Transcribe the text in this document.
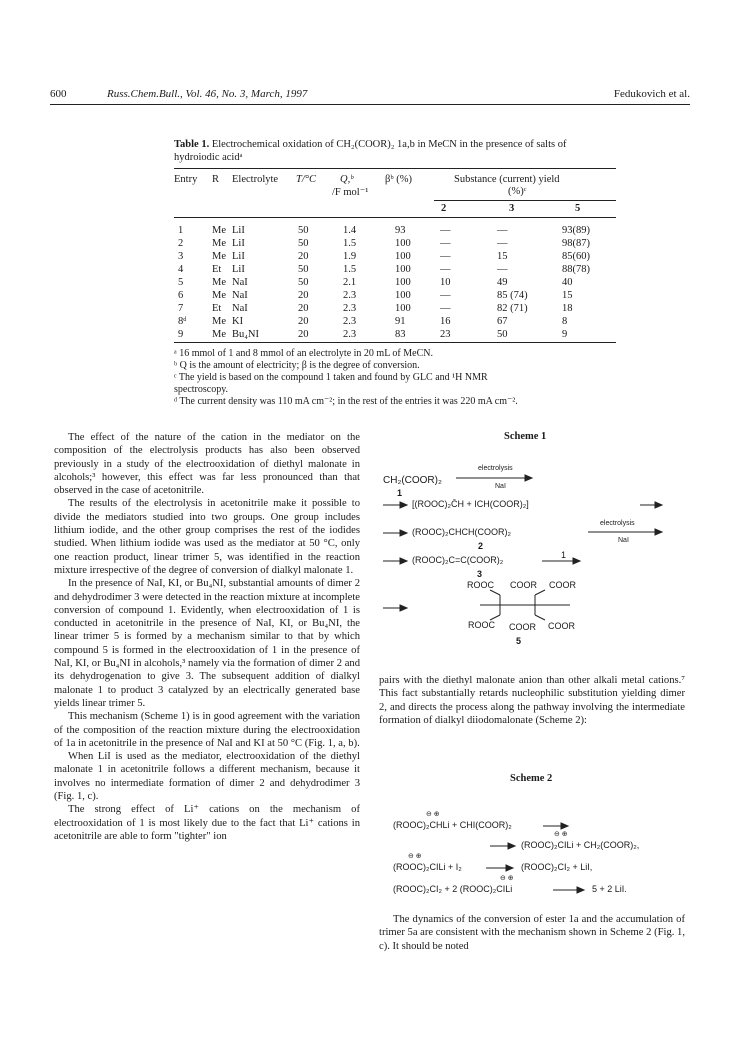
600	Russ.Chem.Bull., Vol. 46, No. 3, March, 1997	Fedukovich et al.
Table 1. Electrochemical oxidation of CH₂(COOR)₂ 1a,b in MeCN in the presence of salts of hydroiodic acidᵃ
Entry R Electrolyte T/°C Q,ᵇ
/F mol⁻¹
βᵇ (%)	Substance (current) yield
(%)ᶜ
2	3	5
1	Me LiI	50	1.4	93	—	—	93(89)
2	Me LiI	50	1.5	100	—	—	98(87)
3	Me LiI	20	1.9	100	—	15	85(60)
4	Et LiI	50	1.5	100	—	—	88(78)
5	Me NaI	50	2.1	100	10	49	40
6	Me NaI	20	2.3	100	—	85 (74)	15
7	Et NaI	20	2.3	100	—	82 (71)	18
8ᵈ Me KI	20	2.3	91	16	67	8
9	Me Bu₄NI	20	2.3	83	23	50	9
ᵃ 16 mmol of 1 and 8 mmol of an electrolyte in 20 mL of MeCN.
ᵇ Q is the amount of electricity; β is the degree of conversion.
ᶜ The yield is based on the compound 1 taken and found by GLC and ¹H NMR spectroscopy.
ᵈ The current density was 110 mA cm⁻²; in the rest of the entries it was 220 mA cm⁻².

The effect of the nature of the cation in the mediator on the composition of the electrolysis products has also been observed previously in a study of the electrooxidation of diethyl malonate in alcohols;³ however, this effect was far less pronounced than that observed in the case of acetonitrile.

The results of the electrolysis in acetonitrile make it possible to divide the mediators studied into two groups. One group includes lithium iodide, and the other group comprises the rest of the iodides studied. When lithium iodide was used as the mediator at 50 °C, only one reaction product, linear trimer 5, was identified in the reaction mixture irrespective of the degree of conversion of dialkyl malonate 1.

In the presence of NaI, KI, or Bu₄NI, substantial amounts of dimer 2 and dehydrodimer 3 were detected in the reaction mixture at incomplete conversion of compound 1. Evidently, when electrooxidation of 1 is conducted in acetonitrile in the presence of NaI, KI, or Bu₄NI, the linear trimer 5 is formed by a mechanism similar to that by which compound 5 is formed in the electrooxidation of 1 in the presence of NaI, KI, or Bu₄NI in alcohols,³ namely via the formation of dimer 2 and its dehydrogenation to give 3. The subsequent addition of dialkyl malonate 1 to product 3 catalyzed by an electrically generated base yields linear trimer 5.

This mechanism (Scheme 1) is in good agreement with the variation of the composition of the reaction mixture during the electrooxidation of 1a in acetonitrile in the presence of NaI and KI at 50 °C (Fig. 1, a, b).

When LiI is used as the mediator, electrooxidation of the diethyl malonate 1 in acetonitrile follows a different mechanism, because it involves no intermediate formation of dimer 2 and dehydrodimer 3 (Fig. 1, c).

The strong effect of Li⁺ cations on the mechanism of electrooxidation of 1 is most likely due to the fact that Li⁺ cations in acetonitrile are able to form "tighter" ion

Scheme 1
CH₂(COOR)₂
1
electrolysis
NaI
[(ROOC)₂C̄H + ICH(COOR)₂]
(ROOC)₂CHCH(COOR)₂
2
electrolysis
NaI
(ROOC)₂C=C(COOR)₂
3
1
ROOC COOR COOR
ROOC COOR COOR
5

pairs with the diethyl malonate anion than other alkali metal cations.⁷ This fact substantially retards nucleophilic substitution yielding dimer 2, and directs the process along the pathway involving the intermediate formation of dialkyl diiodomalonate (Scheme 2):

Scheme 2
⊖ ⊕
(ROOC)₂CHLi + CHI(COOR)₂
⊖ ⊕
(ROOC)₂CILi + CH₂(COOR)₂,
⊖ ⊕
(ROOC)₂CILi + I₂	(ROOC)₂CI₂ + LiI,
⊖ ⊕
(ROOC)₂CI₂ + 2 (ROOC)₂CILi	5 + 2 LiI.

The dynamics of the conversion of ester 1a and the accumulation of trimer 5a are consistent with the mechanism shown in Scheme 2 (Fig. 1, c). It should be noted
